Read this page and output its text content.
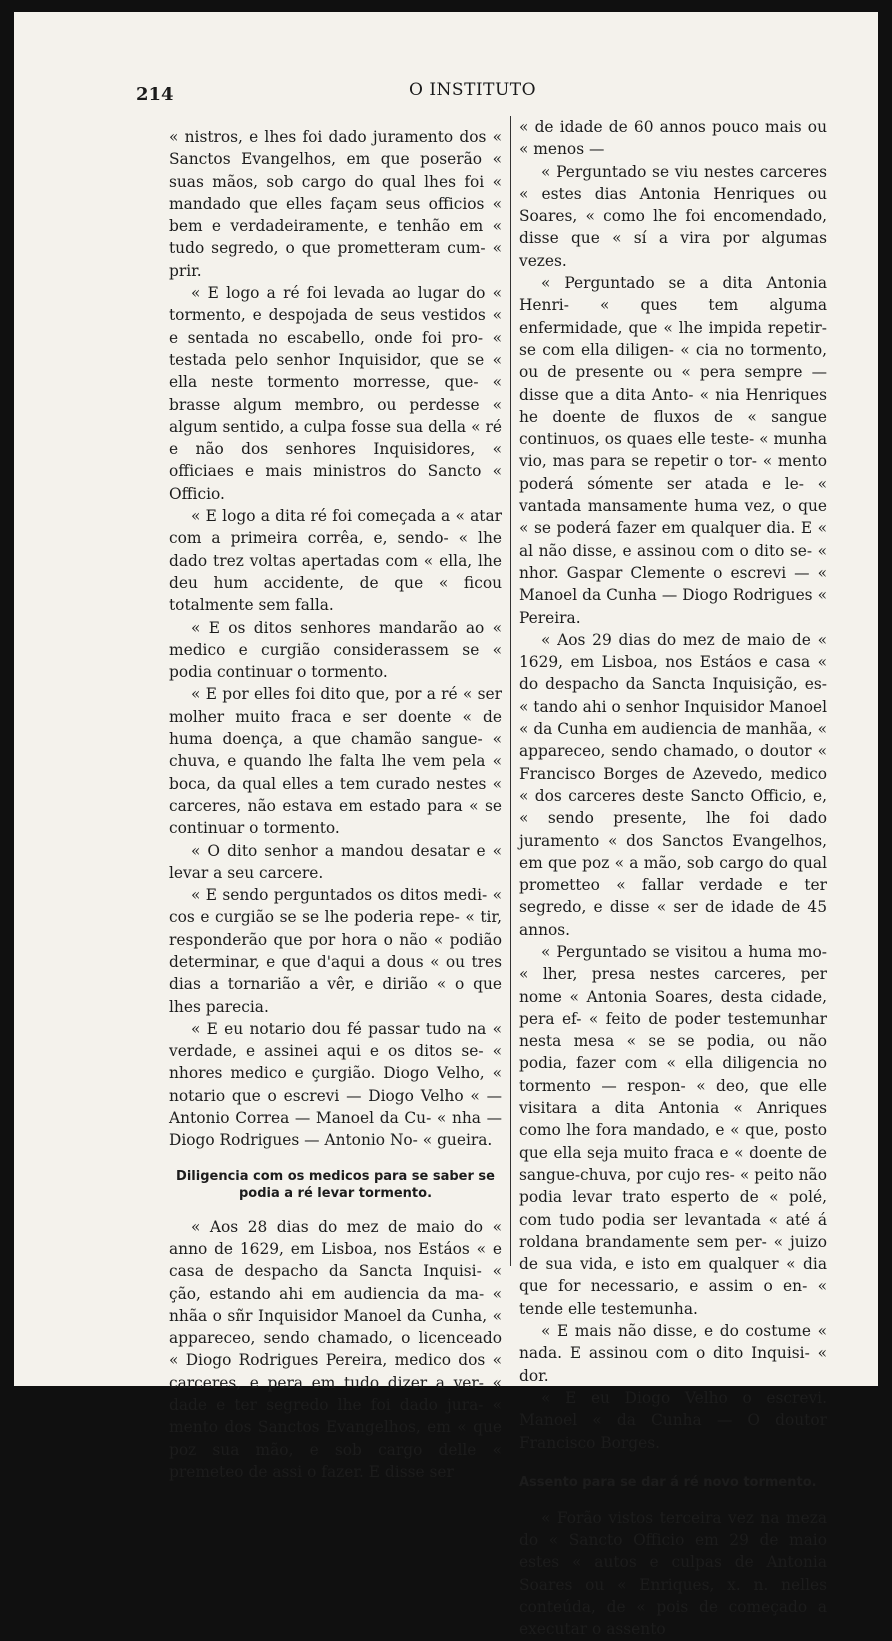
214	O INSTITUTO

« nistros, e lhes foi dado juramento dos « Sanctos Evangelhos, em que poserão « suas mãos, sob cargo do qual lhes foi « mandado que elles façam seus officios « bem e verdadeiramente, e tenhão em « tudo segredo, o que prometteram cum- « prir.

« E logo a ré foi levada ao lugar do « tormento, e despojada de seus vestidos « e sentada no escabello, onde foi pro- « testada pelo senhor Inquisidor, que se « ella neste tormento morresse, que- « brasse algum membro, ou perdesse « algum sentido, a culpa fosse sua della « ré e não dos senhores Inquisidores, « officiaes e mais ministros do Sancto « Officio.

« E logo a dita ré foi começada a « atar com a primeira corrêa, e, sendo- « lhe dado trez voltas apertadas com « ella, lhe deu hum accidente, de que « ficou totalmente sem falla.

« E os ditos senhores mandarão ao « medico e curgião considerassem se « podia continuar o tormento.

« E por elles foi dito que, por a ré « ser molher muito fraca e ser doente « de huma doença, a que chamão sangue- « chuva, e quando lhe falta lhe vem pela « boca, da qual elles a tem curado nestes « carceres, não estava em estado para « se continuar o tormento.

« O dito senhor a mandou desatar e « levar a seu carcere.

« E sendo perguntados os ditos medi- « cos e curgião se se lhe poderia repe- « tir, responderão que por hora o não « podião determinar, e que d'aqui a dous « ou tres dias a tornarião a vêr, e dirião « o que lhes parecia.

« E eu notario dou fé passar tudo na « verdade, e assinei aqui e os ditos se- « nhores medico e çurgião. Diogo Velho, « notario que o escrevi — Diogo Velho « — Antonio Correa — Manoel da Cu- « nha — Diogo Rodrigues — Antonio No- « gueira.

Diligencia com os medicos para se saber se podia a ré levar tormento.

« Aos 28 dias do mez de maio do « anno de 1629, em Lisboa, nos Estáos « e casa de despacho da Sancta Inquisi- « ção, estando ahi em audiencia da ma- « nhãa o sñr Inquisidor Manoel da Cunha, « appareceo, sendo chamado, o licenceado « Diogo Rodrigues Pereira, medico dos « carceres, e pera em tudo dizer a ver- « dade e ter segredo lhe foi dado jura- « mento dos Sanctos Evangelhos, em « que poz sua mão, e sob cargo delle « premeteo de assi o fazer. E disse ser

« de idade de 60 annos pouco mais ou « menos —

« Perguntado se viu nestes carceres « estes dias Antonia Henriques ou Soares, « como lhe foi encomendado, disse que « sí a vira por algumas vezes.

« Perguntado se a dita Antonia Henri- « ques tem alguma enfermidade, que « lhe impida repetir-se com ella diligen- « cia no tormento, ou de presente ou « pera sempre — disse que a dita Anto- « nia Henriques he doente de fluxos de « sangue continuos, os quaes elle teste- « munha vio, mas para se repetir o tor- « mento poderá sómente ser atada e le- « vantada mansamente huma vez, o que « se poderá fazer em qualquer dia. E « al não disse, e assinou com o dito se- « nhor. Gaspar Clemente o escrevi — « Manoel da Cunha — Diogo Rodrigues « Pereira.

« Aos 29 dias do mez de maio de « 1629, em Lisboa, nos Estáos e casa « do despacho da Sancta Inquisição, es- « tando ahi o senhor Inquisidor Manoel « da Cunha em audiencia de manhãa, « appareceo, sendo chamado, o doutor « Francisco Borges de Azevedo, medico « dos carceres deste Sancto Officio, e, « sendo presente, lhe foi dado juramento « dos Sanctos Evangelhos, em que poz « a mão, sob cargo do qual prometteo « fallar verdade e ter segredo, e disse « ser de idade de 45 annos.

« Perguntado se visitou a huma mo- « lher, presa nestes carceres, per nome « Antonia Soares, desta cidade, pera ef- « feito de poder testemunhar nesta mesa « se se podia, ou não podia, fazer com « ella diligencia no tormento — respon- « deo, que elle visitara a dita Antonia « Anriques como lhe fora mandado, e « que, posto que ella seja muito fraca e « doente de sangue-chuva, por cujo res- « peito não podia levar trato esperto de « polé, com tudo podia ser levantada « até á roldana brandamente sem per- « juizo de sua vida, e isto em qualquer « dia que for necessario, e assim o en- « tende elle testemunha.

« E mais não disse, e do costume « nada. E assinou com o dito Inquisi- « dor.

« E eu Diogo Velho o escrevi. Manoel « da Cunha — O doutor Francisco Borges.

Assento para se dar á ré novo tormento.

« Forão vistos terceira vez na meza do « Sancto Officio em 29 de maio estes « autos e culpas de Antonia Soares ou « Enriques, x. n. nelles conteúda, de « pois de começado a executar o assento
